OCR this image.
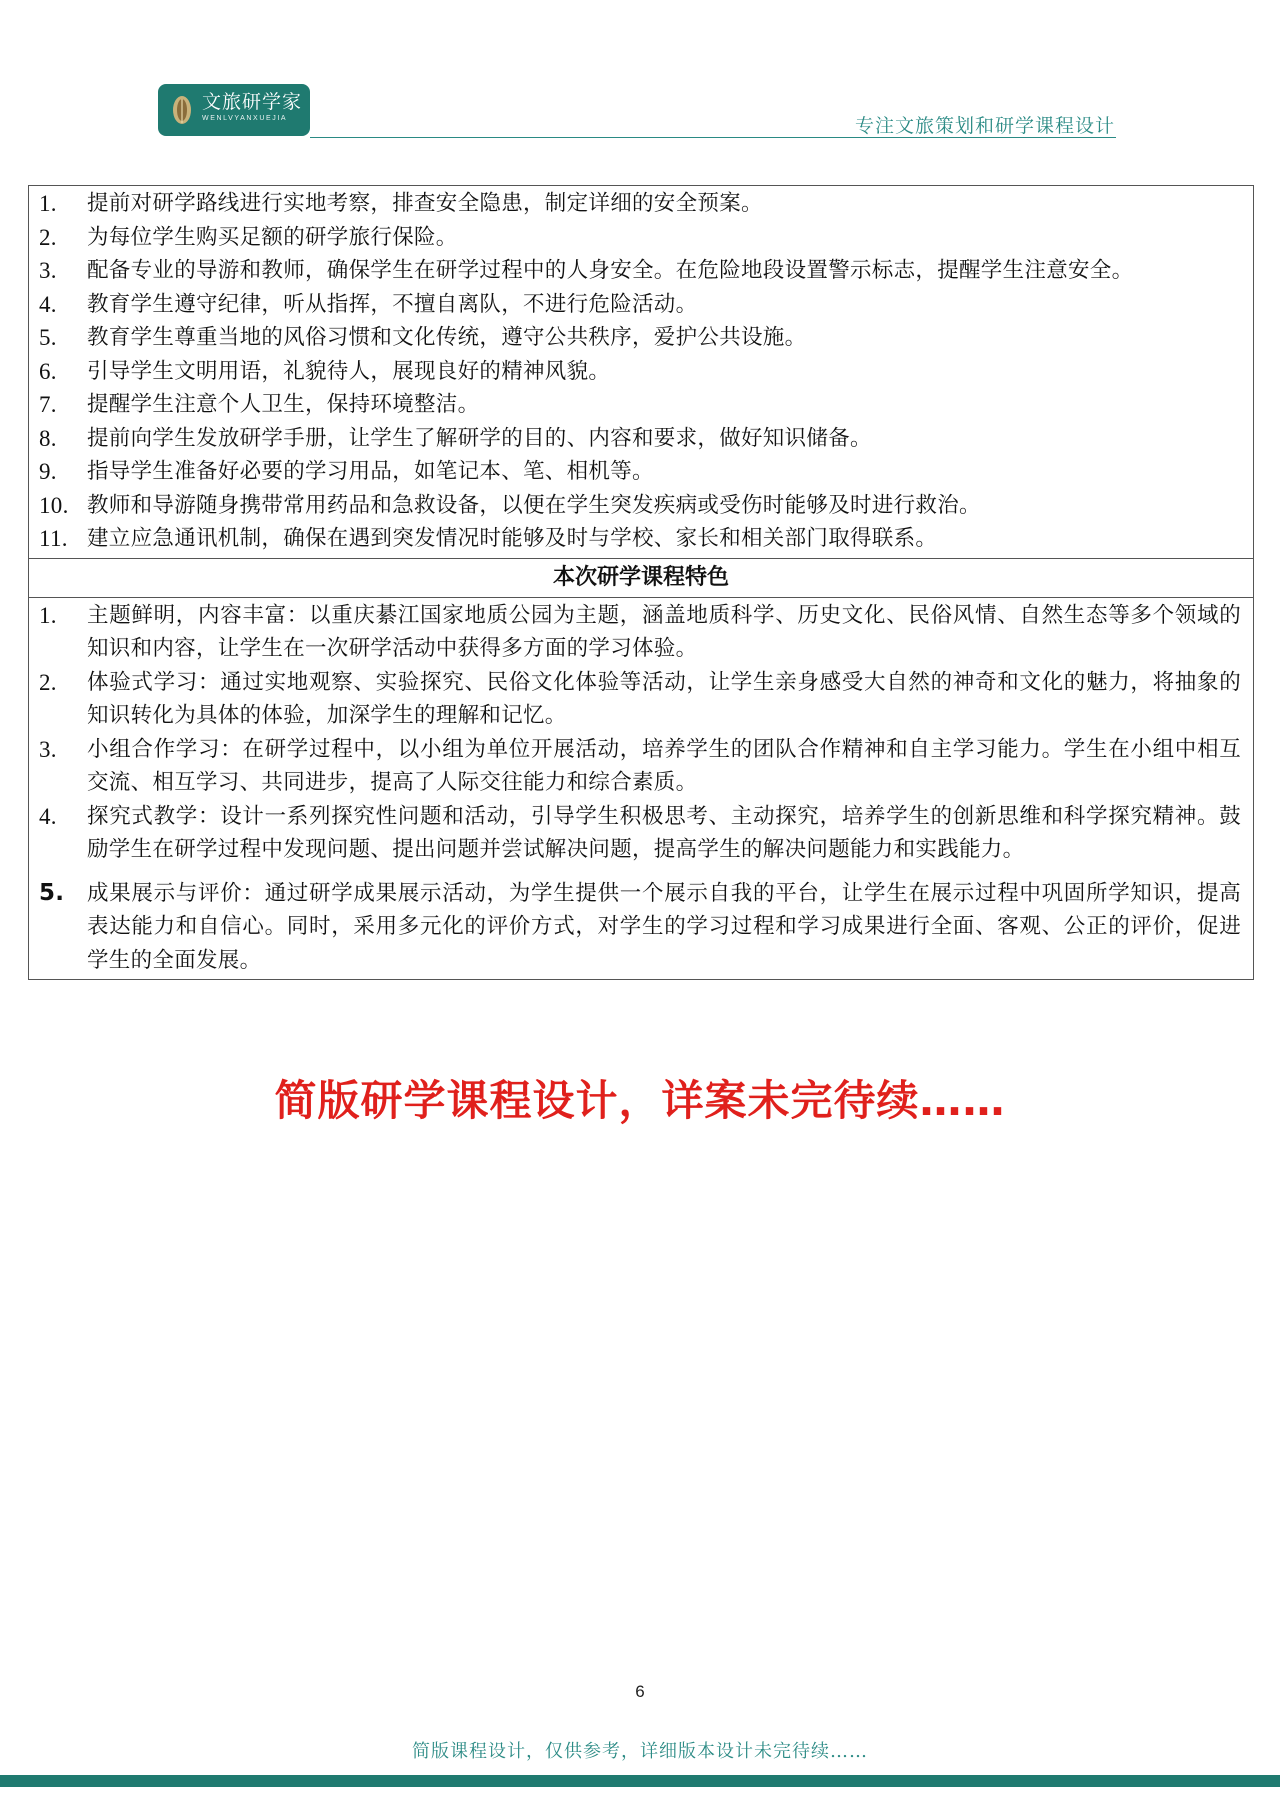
文旅研学家
WENLVYANXUEJIA	专注文旅策划和研学课程设计
1. 提前对研学路线进行实地考察，排查安全隐患，制定详细的安全预案。
2. 为每位学生购买足额的研学旅行保险。
3. 配备专业的导游和教师，确保学生在研学过程中的人身安全。在危险地段设置警示标志，提醒学生注意安全。
4. 教育学生遵守纪律，听从指挥，不擅自离队，不进行危险活动。
5. 教育学生尊重当地的风俗习惯和文化传统，遵守公共秩序，爱护公共设施。
6. 引导学生文明用语，礼貌待人，展现良好的精神风貌。
7. 提醒学生注意个人卫生，保持环境整洁。
8. 提前向学生发放研学手册，让学生了解研学的目的、内容和要求，做好知识储备。
9. 指导学生准备好必要的学习用品，如笔记本、笔、相机等。
10. 教师和导游随身携带常用药品和急救设备，以便在学生突发疾病或受伤时能够及时进行救治。
11. 建立应急通讯机制，确保在遇到突发情况时能够及时与学校、家长和相关部门取得联系。
本次研学课程特色
1. 主题鲜明，内容丰富：以重庆綦江国家地质公园为主题，涵盖地质科学、历史文化、民俗风情、自然生态等多个领域的知识和内容，让学生在一次研学活动中获得多方面的学习体验。
2. 体验式学习：通过实地观察、实验探究、民俗文化体验等活动，让学生亲身感受大自然的神奇和文化的魅力，将抽象的知识转化为具体的体验，加深学生的理解和记忆。
3. 小组合作学习：在研学过程中，以小组为单位开展活动，培养学生的团队合作精神和自主学习能力。学生在小组中相互交流、相互学习、共同进步，提高了人际交往能力和综合素质。
4. 探究式教学：设计一系列探究性问题和活动，引导学生积极思考、主动探究，培养学生的创新思维和科学探究精神。鼓励学生在研学过程中发现问题、提出问题并尝试解决问题，提高学生的解决问题能力和实践能力。
5. 成果展示与评价：通过研学成果展示活动，为学生提供一个展示自我的平台，让学生在展示过程中巩固所学知识，提高表达能力和自信心。同时，采用多元化的评价方式，对学生的学习过程和学习成果进行全面、客观、公正的评价，促进学生的全面发展。
简版研学课程设计，详案未完待续……
6
简版课程设计，仅供参考，详细版本设计未完待续……
